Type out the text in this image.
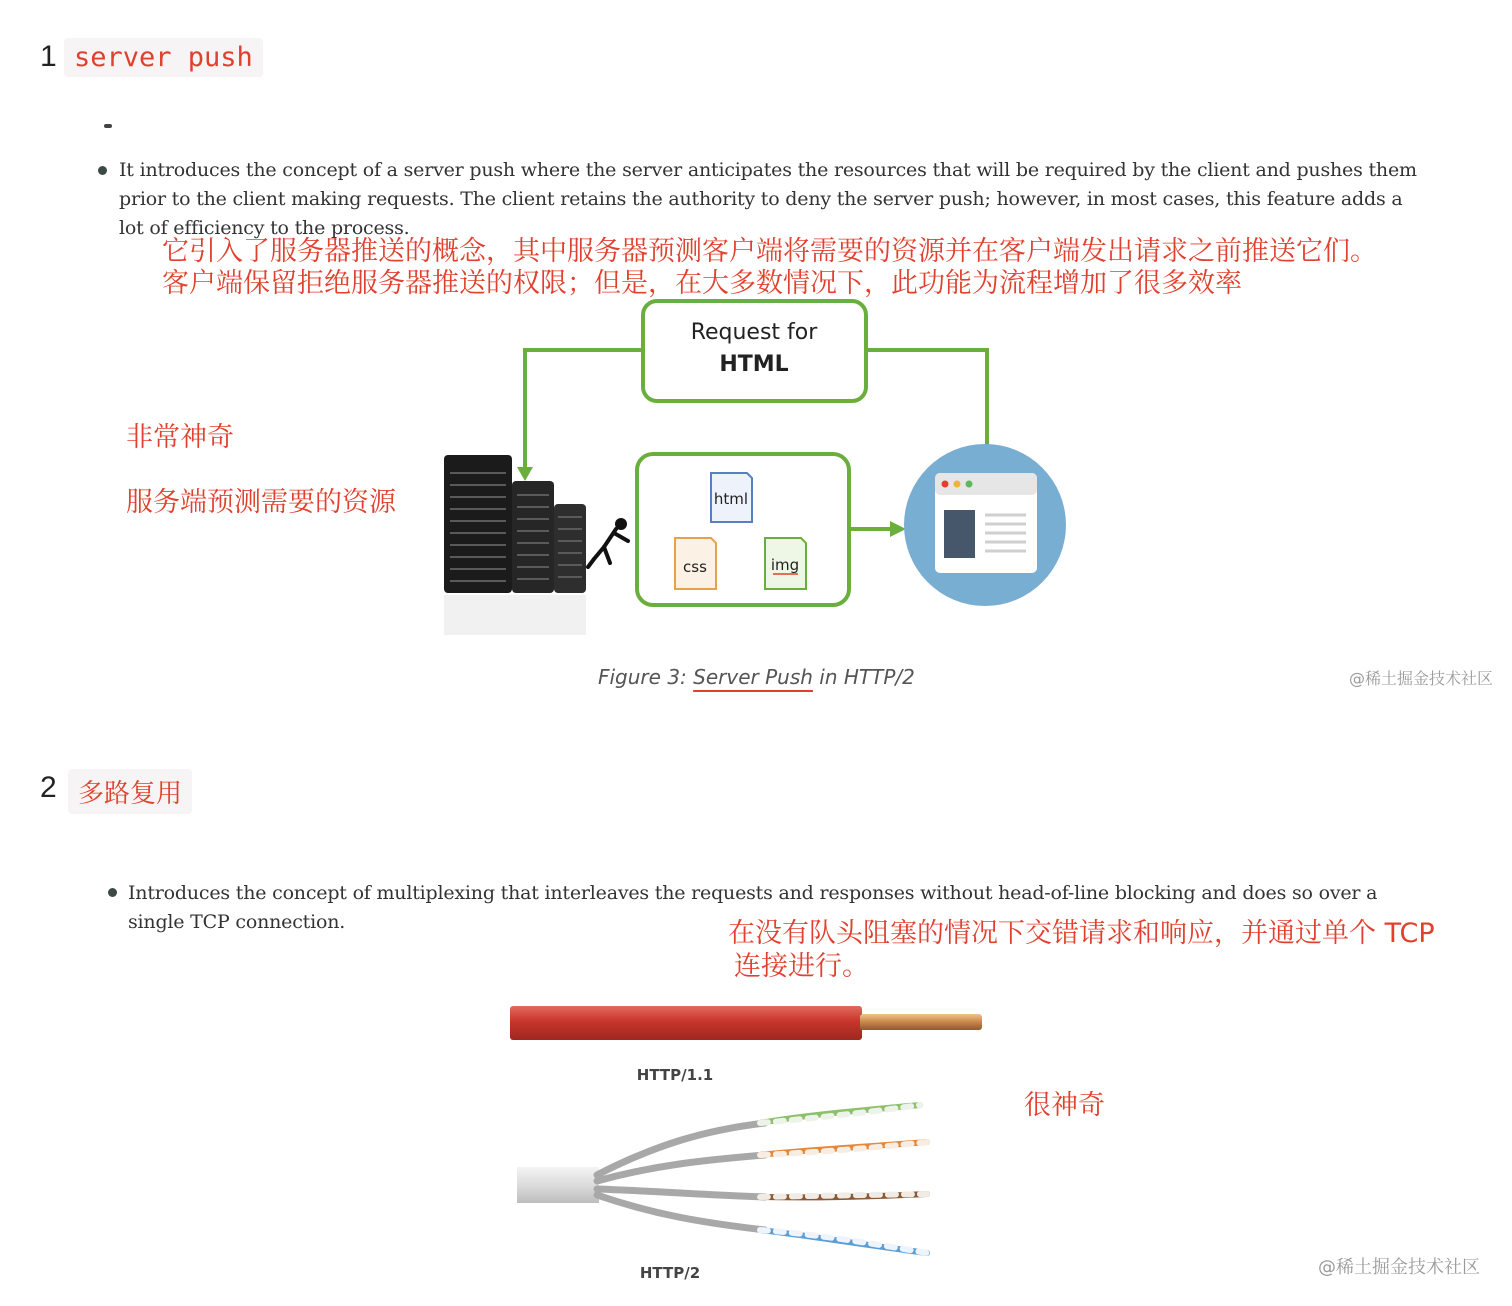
1 server push
It introduces the concept of a server push where the server anticipates the resources that will be required by the client and pushes them prior to the client making requests. The client retains the authority to deny the server push; however, in most cases, this feature adds a lot of efficiency to the process.
它引入了服务器推送的概念，其中服务器预测客户端将需要的资源并在客户端发出请求之前推送它们。
客户端保留拒绝服务器推送的权限；但是，在大多数情况下，此功能为流程增加了很多效率
非常神奇
服务端预测需要的资源
Request for
HTML
html
css	img
Figure 3: Server Push in HTTP/2	@稀土掘金技术社区
2 多路复用
Introduces the concept of multiplexing that interleaves the requests and responses without head-of-line blocking and does so over a single TCP connection.	在没有队头阻塞的情况下交错请求和响应，并通过单个 TCP
连接进行。
很神奇
HTTP/1.1
HTTP/2	@稀土掘金技术社区
